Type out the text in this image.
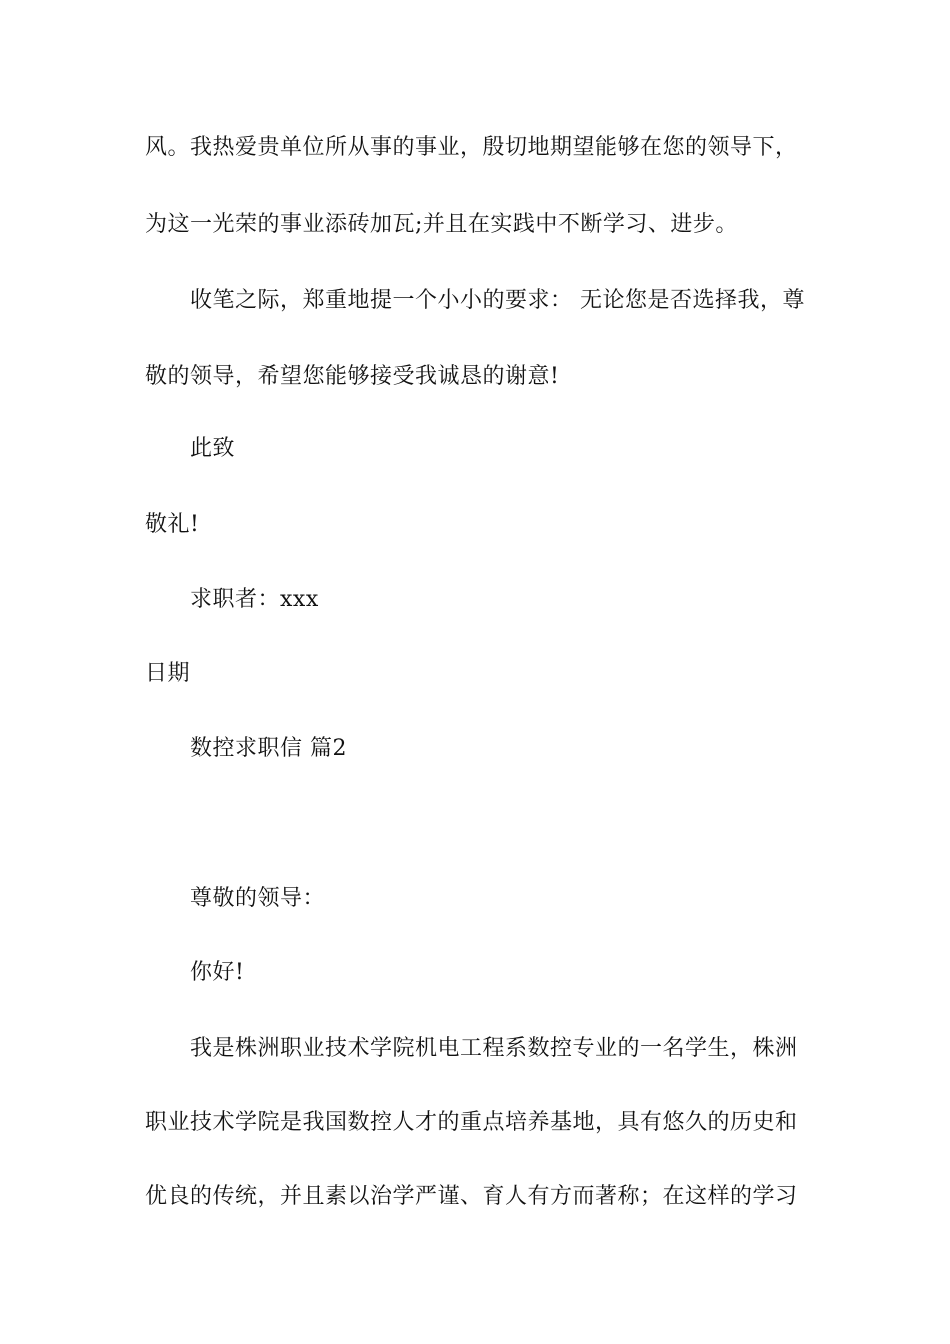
风。我热爱贵单位所从事的事业，殷切地期望能够在您的领导下，
为这一光荣的事业添砖加瓦;并且在实践中不断学习、进步。
收笔之际，郑重地提一个小小的要求： 无论您是否选择我，尊
敬的领导，希望您能够接受我诚恳的谢意!
此致
敬礼!
求职者：xxx
日期
数控求职信 篇2
尊敬的领导：
你好!
我是株洲职业技术学院机电工程系数控专业的一名学生，株洲
职业技术学院是我国数控人才的重点培养基地，具有悠久的历史和
优良的传统，并且素以治学严谨、育人有方而著称；在这样的学习
